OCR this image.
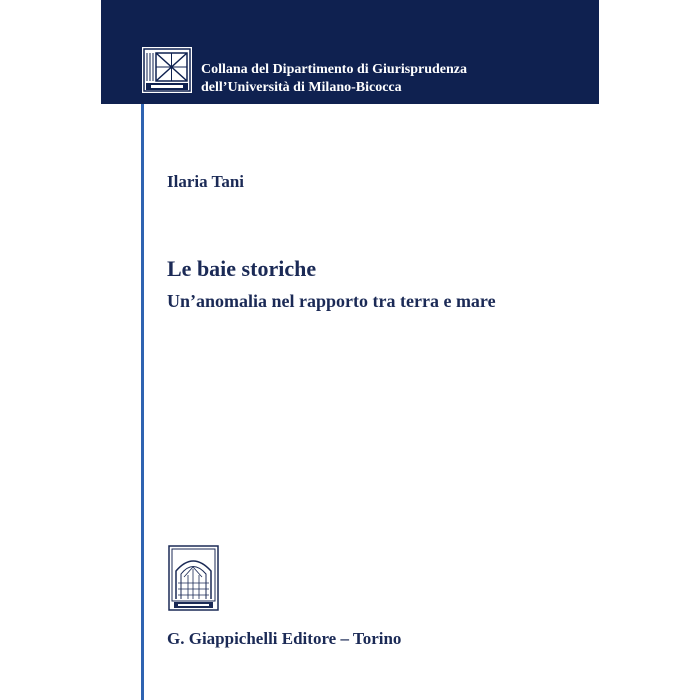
Collana del Dipartimento di Giurisprudenza
dell’Università di Milano-Bicocca
Ilaria Tani
Le baie storiche
Un’anomalia nel rapporto tra terra e mare
G. Giappichelli Editore – Torino
